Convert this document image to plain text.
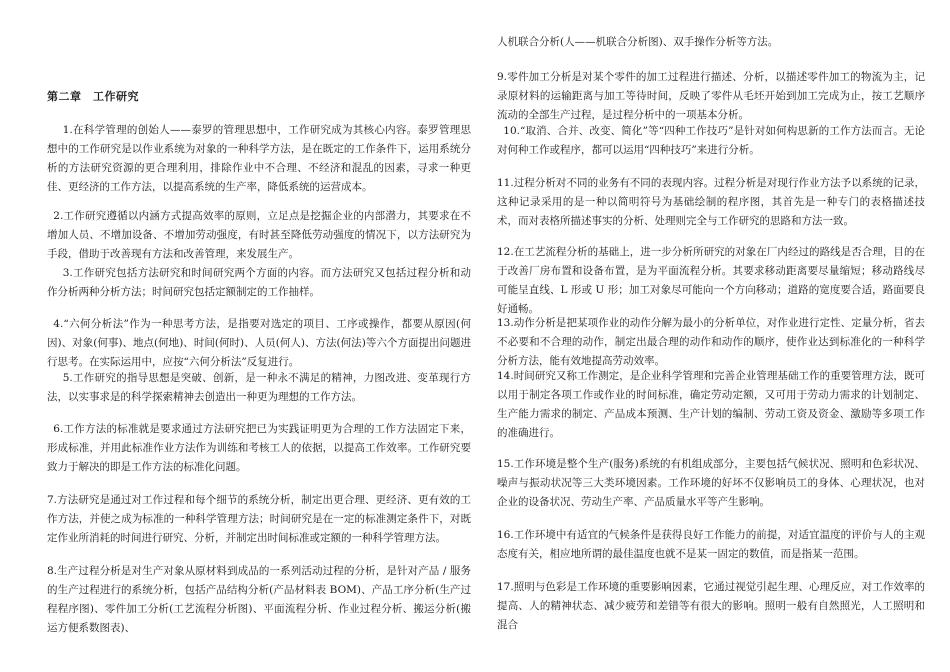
第二章　工作研究
1.在科学管理的创始人——泰罗的管理思想中，工作研究成为其核心内容。泰罗管理思想中的工作研究是以作业系统为对象的一种科学方法，是在既定的工作条件下，运用系统分析的方法研究资源的更合理利用，排除作业中不合理、不经济和混乱的因素，寻求一种更佳、更经济的工作方法，以提高系统的生产率，降低系统的运营成本。
2.工作研究遵循以内涵方式提高效率的原则，立足点是挖掘企业的内部潜力，其要求在不增加人员、不增加设备、不增加劳动强度，有时甚至降低劳动强度的情况下，以方法研究为手段，借助于改善现有方法和改善管理，来发展生产。
3.工作研究包括方法研究和时间研究两个方面的内容。而方法研究又包括过程分析和动作分析两种分析方法；时间研究包括定额制定的工作抽样。
4.“六何分析法”作为一种思考方法，是指要对选定的项目、工序或操作，都要从原因(何因)、对象(何事)、地点(何地)、时间(何时)、人员(何人)、方法(何法)等六个方面提出问题进行思考。在实际运用中，应按“六何分析法”反复进行。
5.工作研究的指导思想是突破、创新，是一种永不满足的精神，力图改进、变革现行方法，以实事求是的科学探索精神去创造出一种更为理想的工作方法。
6.工作方法的标准就是要求通过方法研究把已为实践证明更为合理的工作方法固定下来，形成标准，并用此标准作业方法作为训练和考核工人的依据，以提高工作效率。工作研究要致力于解决的即是工作方法的标准化问题。
7.方法研究是通过对工作过程和每个细节的系统分析，制定出更合理、更经济、更有效的工作方法，并使之成为标准的一种科学管理方法；时间研究是在一定的标准测定条件下，对既定作业所消耗的时间进行研究、分析，并制定出时间标准或定额的一种科学管理方法。
8.生产过程分析是对生产对象从原材料到成品的一系列活动过程的分析，是针对产品 / 服务的生产过程进行的系统分析，包括产品结构分析(产品材料表 BOM)、产品工序分析(生产过程程序图)、零件加工分析(工艺流程分析图)、平面流程分析、作业过程分析、搬运分析(搬运方便系数图表)、
人机联合分析(人——机联合分析图)、双手操作分析等方法。
9.零件加工分析是对某个零件的加工过程进行描述、分析，以描述零件加工的物流为主，记录原材料的运输距离与加工等待时间，反映了零件从毛坯开始到加工完成为止，按工艺顺序流动的全部生产过程，是过程分析中的一项基本分析。
10.“取消、合并、改变、简化”等“四种工作技巧”是针对如何构思新的工作方法而言。无论对何种工作或程序，都可以运用“四种技巧”来进行分析。
11.过程分析对不同的业务有不同的表现内容。过程分析是对现行作业方法予以系统的记录，这种记录采用的是一种以简明符号为基础绘制的程序图，其首先是一种专门的表格描述技术，而对表格所描述事实的分析、处理则完全与工作研究的思路和方法一致。
12.在工艺流程分析的基础上，进一步分析所研究的对象在厂内经过的路线是否合理，目的在于改善厂房布置和设备布置，是为平面流程分析。其要求移动距离要尽量缩短；移动路线尽可能呈直线、L 形或 U 形；加工对象尽可能向一个方向移动；道路的宽度要合适，路面要良好通畅。
13.动作分析是把某项作业的动作分解为最小的分析单位，对作业进行定性、定量分析，省去不必要和不合理的动作，制定出最合理的动作和动作的顺序，使作业达到标准化的一种科学分析方法，能有效地提高劳动效率。
14.时间研究又称工作测定，是企业科学管理和完善企业管理基础工作的重要管理方法，既可以用于制定各项工作或作业的时间标准，确定劳动定额，又可用于劳动力需求的计划制定、生产能力需求的制定、产品成本预测、生产计划的编制、劳动工资及资金、激励等多项工作的准确进行。
15.工作环境是整个生产(服务)系统的有机组成部分，主要包括气候状况、照明和色彩状况、噪声与振动状况等三大类环境因素。工作环境的好坏不仅影响员工的身体、心理状况，也对企业的设备状况、劳动生产率、产品质量水平等产生影响。
16.工作环境中有适宜的气候条件是获得良好工作能力的前提，对适宜温度的评价与人的主观态度有关，相应地所谓的最佳温度也就不是某一固定的数值，而是指某一范围。
17.照明与色彩是工作环境的重要影响因素，它通过视觉引起生理、心理反应，对工作效率的提高、人的精神状态、减少疲劳和差错等有很大的影响。照明一般有自然照光，人工照明和混合
